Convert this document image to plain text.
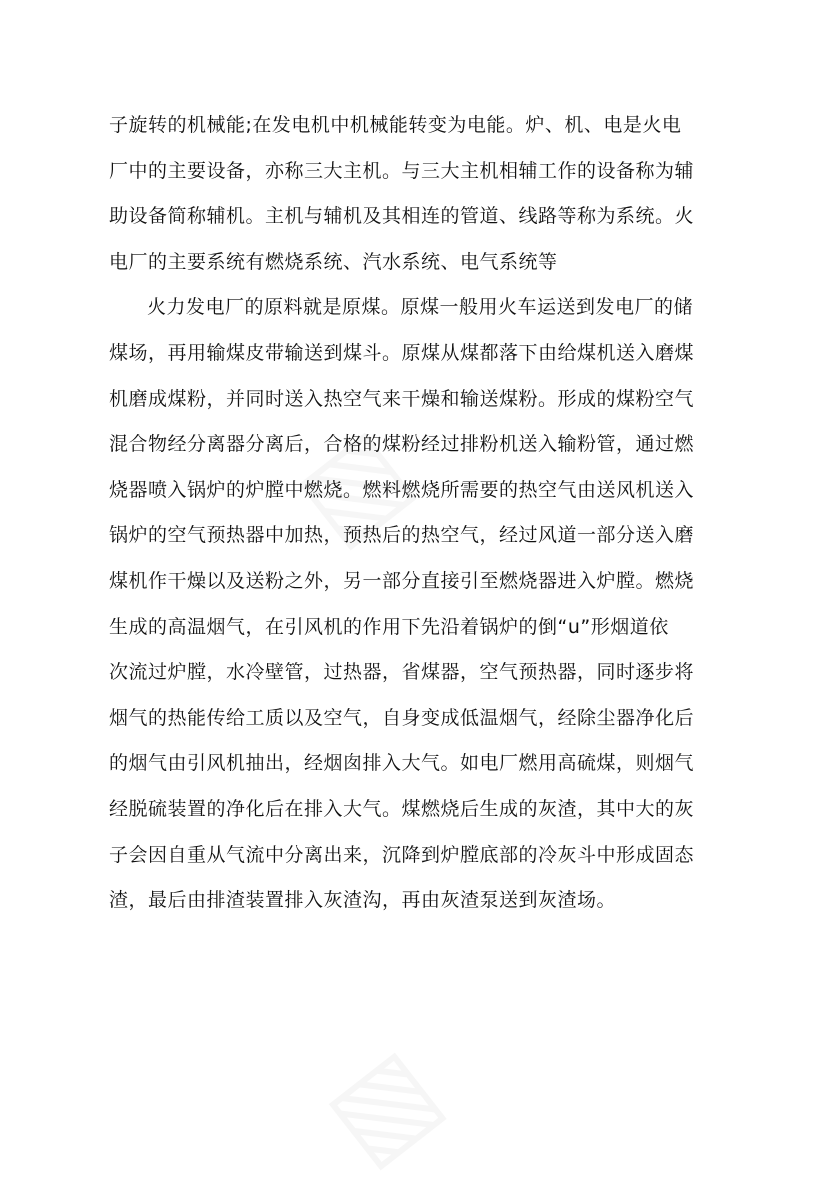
子旋转的机械能;在发电机中机械能转变为电能。炉、机、电是火电
厂中的主要设备，亦称三大主机。与三大主机相辅工作的设备称为辅
助设备简称辅机。主机与辅机及其相连的管道、线路等称为系统。火
电厂的主要系统有燃烧系统、汽水系统、电气系统等
火力发电厂的原料就是原煤。原煤一般用火车运送到发电厂的储
煤场，再用输煤皮带输送到煤斗。原煤从煤都落下由给煤机送入磨煤
机磨成煤粉，并同时送入热空气来干燥和输送煤粉。形成的煤粉空气
混合物经分离器分离后，合格的煤粉经过排粉机送入输粉管，通过燃
烧器喷入锅炉的炉膛中燃烧。燃料燃烧所需要的热空气由送风机送入
锅炉的空气预热器中加热，预热后的热空气，经过风道一部分送入磨
煤机作干燥以及送粉之外，另一部分直接引至燃烧器进入炉膛。燃烧
生成的高温烟气，在引风机的作用下先沿着锅炉的倒“u”形烟道依
次流过炉膛，水冷壁管，过热器，省煤器，空气预热器，同时逐步将
烟气的热能传给工质以及空气，自身变成低温烟气，经除尘器净化后
的烟气由引风机抽出，经烟囱排入大气。如电厂燃用高硫煤，则烟气
经脱硫装置的净化后在排入大气。煤燃烧后生成的灰渣，其中大的灰
子会因自重从气流中分离出来，沉降到炉膛底部的冷灰斗中形成固态
渣，最后由排渣装置排入灰渣沟，再由灰渣泵送到灰渣场。
